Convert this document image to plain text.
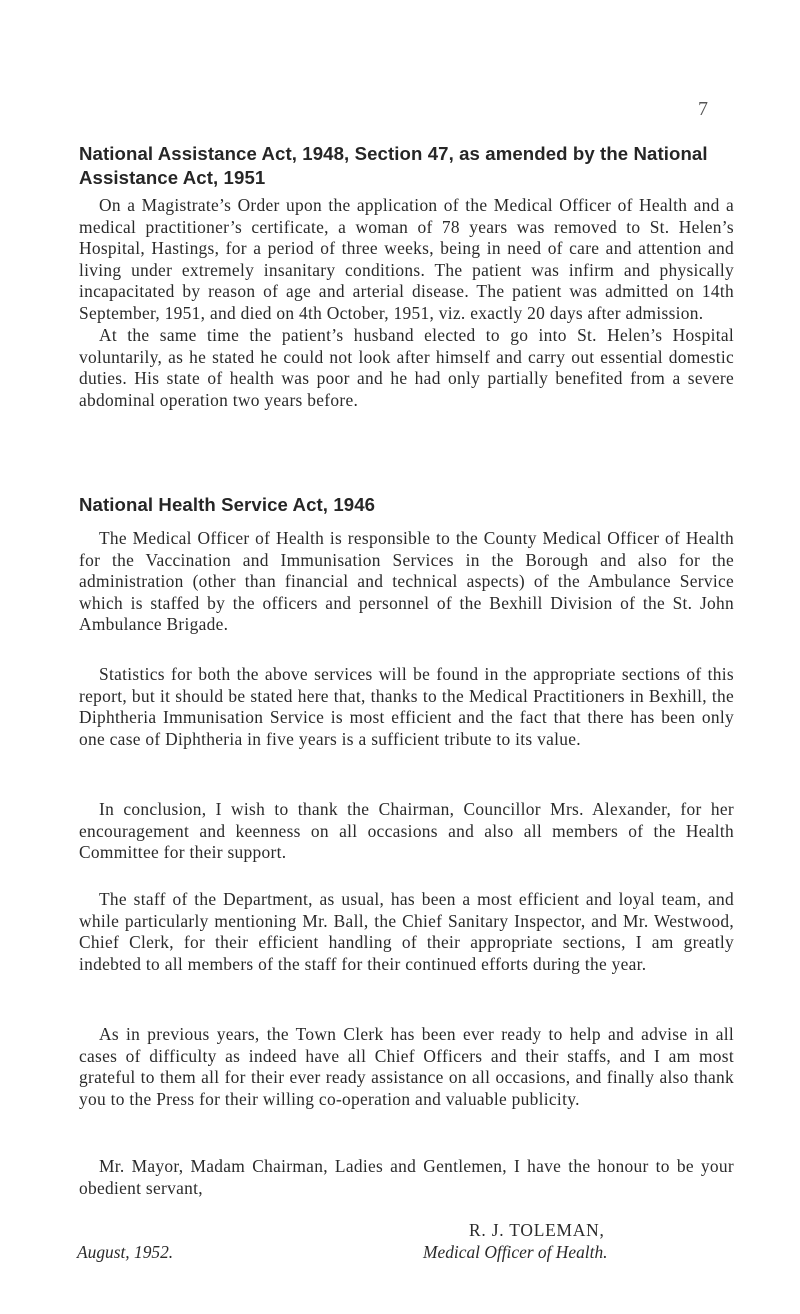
7
National Assistance Act, 1948, Section 47, as amended by the National Assistance Act, 1951

On a Magistrate’s Order upon the application of the Medical Officer of Health and a medical practitioner’s certificate, a woman of 78 years was removed to St. Helen’s Hospital, Hastings, for a period of three weeks, being in need of care and attention and living under extremely insanitary conditions. The patient was infirm and physically incapacitated by reason of age and arterial disease. The patient was admitted on 14th September, 1951, and died on 4th October, 1951, viz. exactly 20 days after admission.

At the same time the patient’s husband elected to go into St. Helen’s Hospital voluntarily, as he stated he could not look after himself and carry out essential domestic duties. His state of health was poor and he had only partially benefited from a severe abdominal operation two years before.

National Health Service Act, 1946

The Medical Officer of Health is responsible to the County Medical Officer of Health for the Vaccination and Immunisation Services in the Borough and also for the administration (other than financial and technical aspects) of the Ambulance Service which is staffed by the officers and personnel of the Bexhill Division of the St. John Ambulance Brigade.

Statistics for both the above services will be found in the appropriate sections of this report, but it should be stated here that, thanks to the Medical Practitioners in Bexhill, the Diphtheria Immunisation Service is most efficient and the fact that there has been only one case of Diphtheria in five years is a sufficient tribute to its value.

In conclusion, I wish to thank the Chairman, Councillor Mrs. Alexander, for her encouragement and keenness on all occasions and also all members of the Health Committee for their support.

The staff of the Department, as usual, has been a most efficient and loyal team, and while particularly mentioning Mr. Ball, the Chief Sanitary Inspector, and Mr. Westwood, Chief Clerk, for their efficient handling of their appropriate sections, I am greatly indebted to all members of the staff for their continued efforts during the year.

As in previous years, the Town Clerk has been ever ready to help and advise in all cases of difficulty as indeed have all Chief Officers and their staffs, and I am most grateful to them all for their ever ready assistance on all occasions, and finally also thank you to the Press for their willing co-operation and valuable publicity.

Mr. Mayor, Madam Chairman, Ladies and Gentlemen, I have the honour to be your obedient servant,

R. J. TOLEMAN,
August, 1952.	Medical Officer of Health.
